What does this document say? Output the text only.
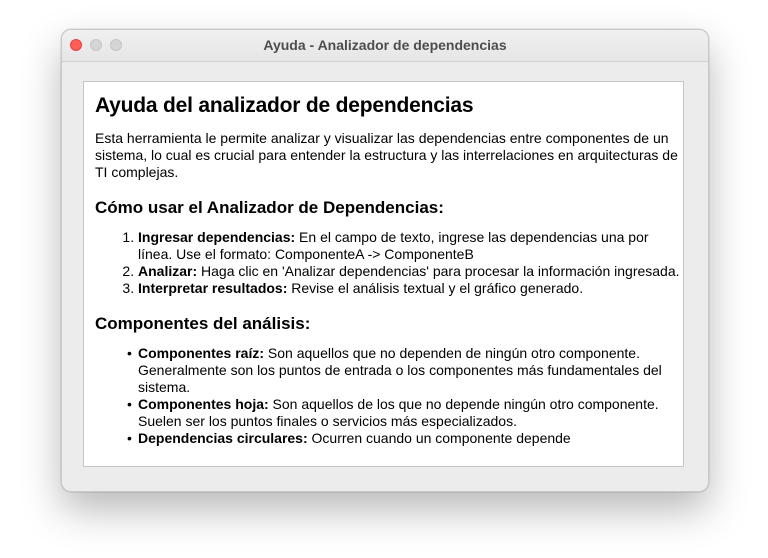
Ayuda - Analizador de dependencias
Ayuda del analizador de dependencias

Esta herramienta le permite analizar y visualizar las dependencias entre componentes de un sistema, lo cual es crucial para entender la estructura y las interrelaciones en arquitecturas de TI complejas.

Cómo usar el Analizador de Dependencias:
1. Ingresar dependencias: En el campo de texto, ingrese las dependencias una por línea. Use el formato: ComponenteA -> ComponenteB
2. Analizar: Haga clic en 'Analizar dependencias' para procesar la información ingresada.
3. Interpretar resultados: Revise el análisis textual y el gráfico generado.
Componentes del análisis:
• Componentes raíz: Son aquellos que no dependen de ningún otro componente. Generalmente son los puntos de entrada o los componentes más fundamentales del sistema.
• Componentes hoja: Son aquellos de los que no depende ningún otro componente. Suelen ser los puntos finales o servicios más especializados.
• Dependencias circulares: Ocurren cuando un componente depende
